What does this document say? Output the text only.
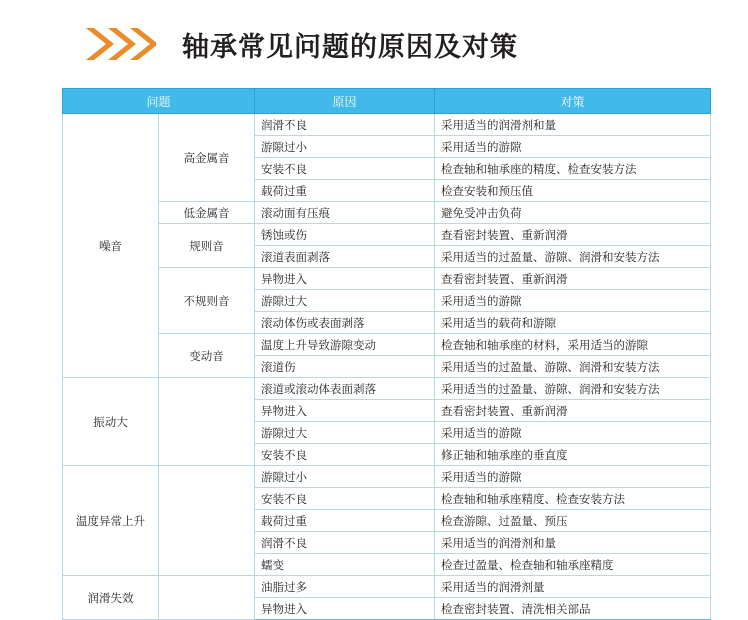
轴承常见问题的原因及对策
问题		原因	对策
噪音	高金属音	润滑不良	采用适当的润滑剂和量
		游隙过小	采用适当的游隙
		安装不良	检查轴和轴承座的精度、检查安装方法
		载荷过重	检查安装和预压值
	低金属音	滚动面有压痕	避免受冲击负荷
	规则音	锈蚀或伤	查看密封装置、重新润滑
		滚道表面剥落	采用适当的过盈量、游隙、润滑和安装方法
	不规则音	异物进入	查看密封装置、重新润滑
		游隙过大	采用适当的游隙
		滚动体伤或表面剥落	采用适当的载荷和游隙
	变动音	温度上升导致游隙变动	检查轴和轴承座的材料，采用适当的游隙
		滚道伤	采用适当的过盈量、游隙、润滑和安装方法
振动大		滚道或滚动体表面剥落	采用适当的过盈量、游隙、润滑和安装方法
		异物进入	查看密封装置、重新润滑
		游隙过大	采用适当的游隙
		安装不良	修正轴和轴承座的垂直度
温度异常上升		游隙过小	采用适当的游隙
		安装不良	检查轴和轴承座精度、检查安装方法
		载荷过重	检查游隙、过盈量、预压
		润滑不良	采用适当的润滑剂和量
		蠕变	检查过盈量、检查轴和轴承座精度
润滑失效		油脂过多	采用适当的润滑剂量
		异物进入	检查密封装置、清洗相关部品
